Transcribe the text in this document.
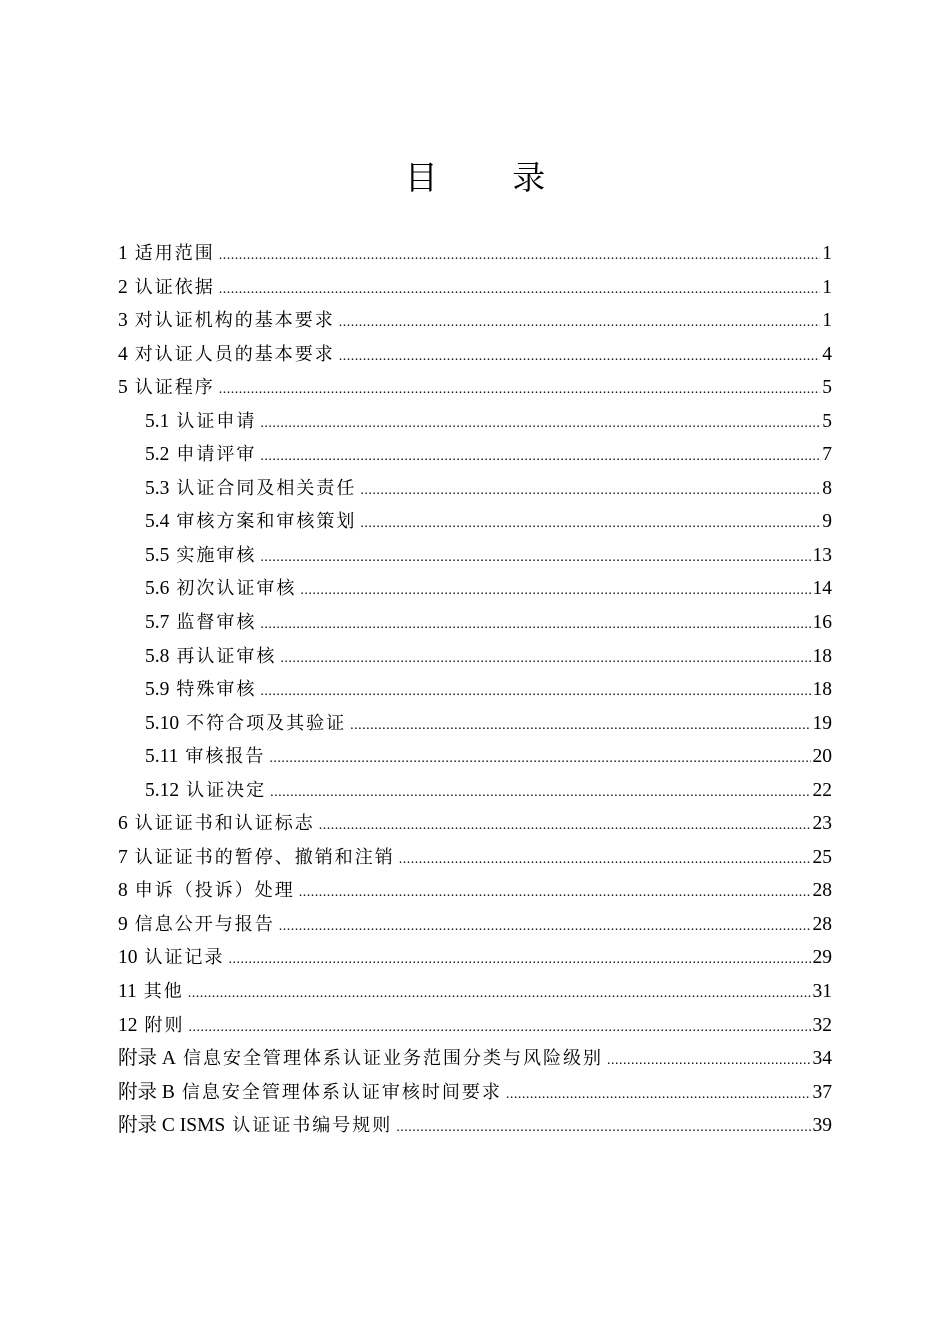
目 录
1 适用范围 .....	1
2 认证依据 .....	1
3 对认证机构的基本要求 .....	1
4 对认证人员的基本要求 .....	4
5 认证程序 .....	5
5.1 认证申请 .....	5
5.2 申请评审 .....	7
5.3 认证合同及相关责任 .....	8
5.4 审核方案和审核策划 .....	9
5.5 实施审核 .....	13
5.6 初次认证审核 .....	14
5.7 监督审核 .....	16
5.8 再认证审核 .....	18
5.9 特殊审核 .....	18
5.10 不符合项及其验证 .....	19
5.11 审核报告 .....	20
5.12 认证决定 .....	22
6 认证证书和认证标志 .....	23
7 认证证书的暂停、撤销和注销 .....	25
8 申诉（投诉）处理 .....	28
9 信息公开与报告 .....	28
10 认证记录 .....	29
11 其他 .....	31
12 附则 .....	32
附录 A 信息安全管理体系认证业务范围分类与风险级别 .....	34
附录 B 信息安全管理体系认证审核时间要求 .....	37
附录 C ISMS 认证证书编号规则 .....	39
